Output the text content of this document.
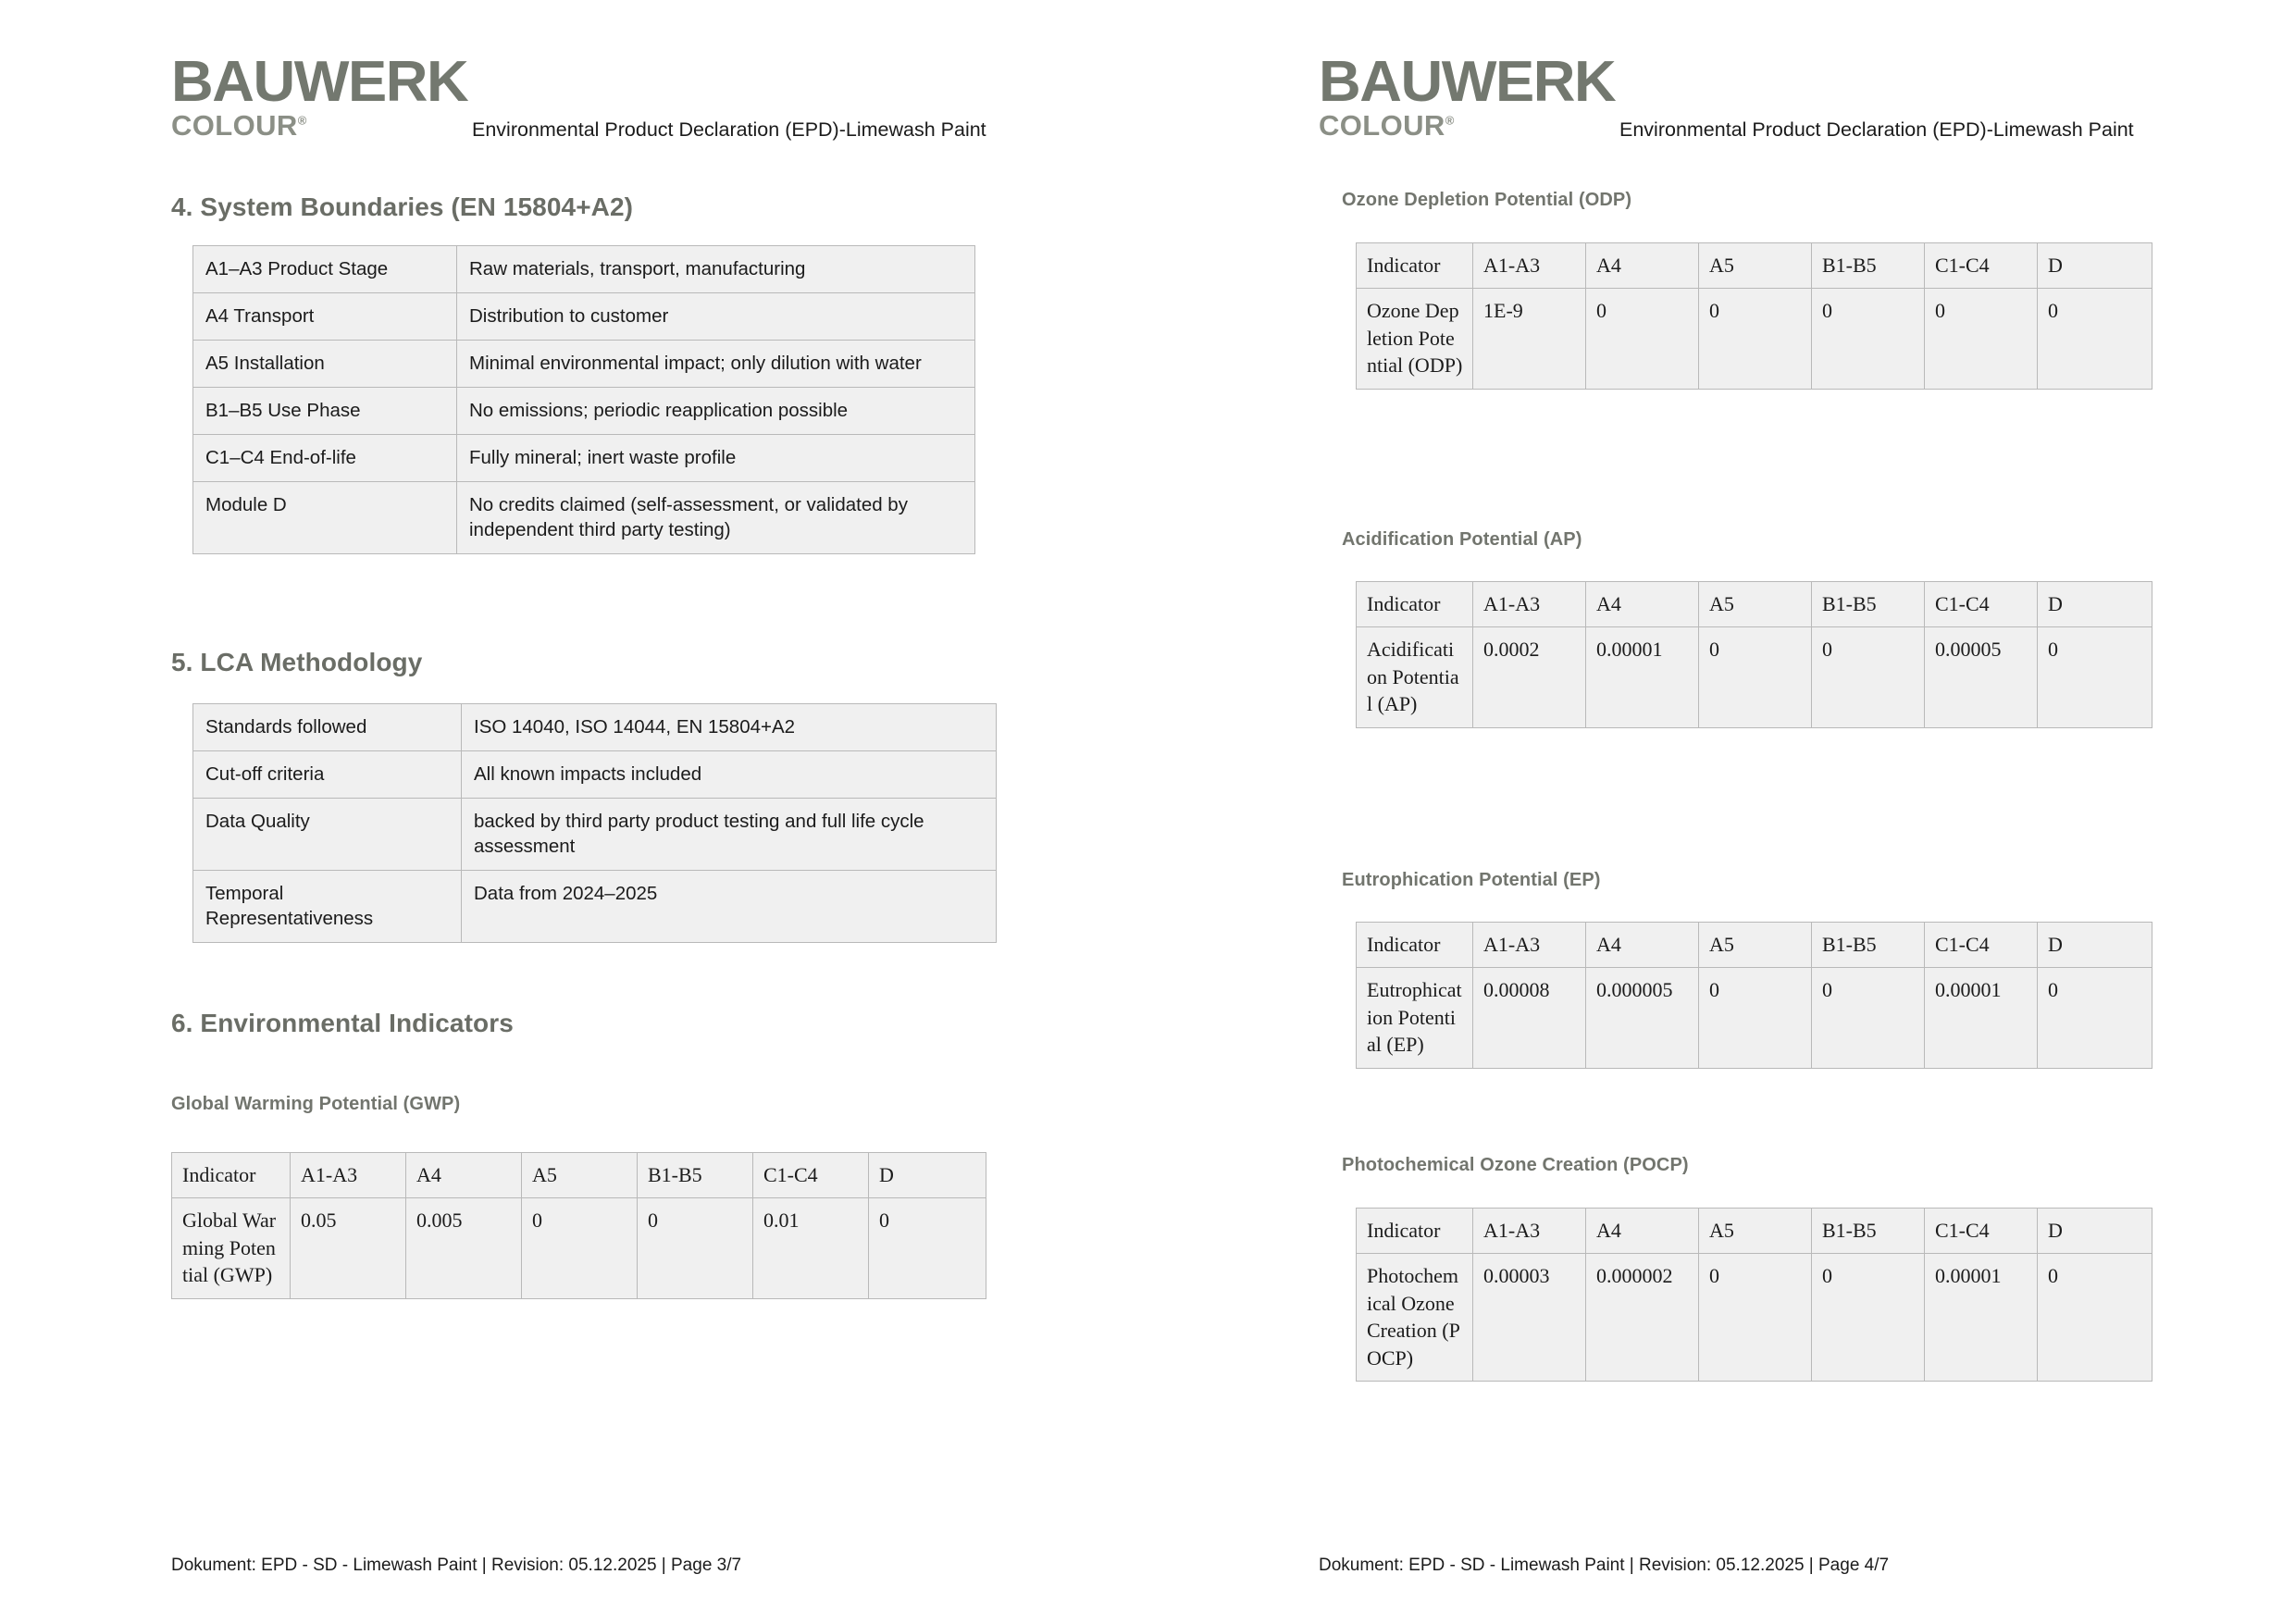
BAUWERK
COLOUR®	Environmental Product Declaration (EPD)-Limewash Paint
4. System Boundaries (EN 15804+A2)
A1–A3 Product Stage	Raw materials, transport, manufacturing
A4 Transport	Distribution to customer
A5 Installation	Minimal environmental impact; only dilution with water
B1–B5 Use Phase	No emissions; periodic reapplication possible
C1–C4 End-of-life	Fully mineral; inert waste profile
Module D	No credits claimed (self-assessment, or validated by independent third party testing)
5. LCA Methodology
Standards followed	ISO 14040, ISO 14044, EN 15804+A2
Cut-off criteria	All known impacts included
Data Quality	backed by third party product testing and full life cycle assessment
Temporal Representativeness	Data from 2024–2025
6. Environmental Indicators
Global Warming Potential (GWP)
Indicator	A1-A3	A4	A5	B1-B5	C1-C4	D
Global Warming Potential (GWP)	0.05	0.005	0	0	0.01	0
Dokument: EPD - SD - Limewash Paint | Revision: 05.12.2025 | Page 3/7
BAUWERK
COLOUR®	Environmental Product Declaration (EPD)-Limewash Paint
Ozone Depletion Potential (ODP)
Indicator	A1-A3	A4	A5	B1-B5	C1-C4	D
Ozone Depletion Potential (ODP)	1E-9	0	0	0	0	0
Acidification Potential (AP)
Indicator	A1-A3	A4	A5	B1-B5	C1-C4	D
Acidification Potential (AP)	0.0002	0.00001	0	0	0.00005	0
Eutrophication Potential (EP)
Indicator	A1-A3	A4	A5	B1-B5	C1-C4	D
Eutrophication Potential (EP)	0.00008	0.000005	0	0	0.00001	0
Photochemical Ozone Creation (POCP)
Indicator	A1-A3	A4	A5	B1-B5	C1-C4	D
Photochemical Ozone Creation (POCP)	0.00003	0.000002	0	0	0.00001	0
Dokument: EPD - SD - Limewash Paint | Revision: 05.12.2025 | Page 4/7
